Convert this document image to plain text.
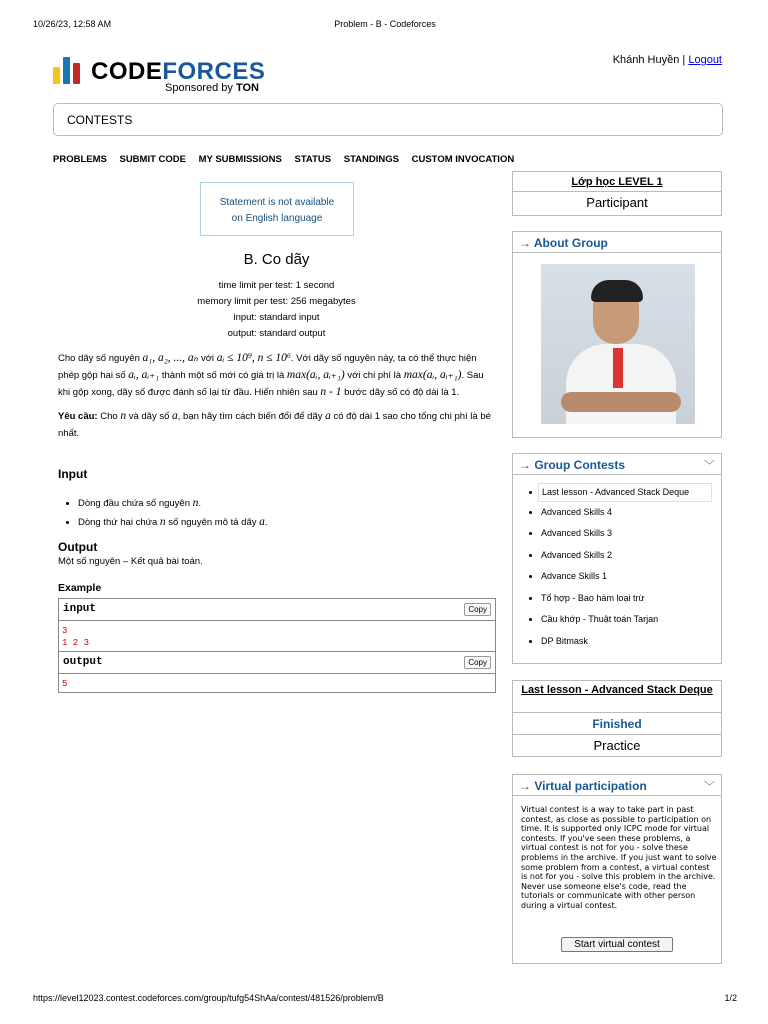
10/26/23, 12:58 AM	Problem - B - Codeforces
CODEFORCES
Sponsored by TON
Khánh Huyền | Logout
CONTESTS
PROBLEMS SUBMIT CODE MY SUBMISSIONS STATUS STANDINGS CUSTOM INVOCATION
Statement is not available
on English language
B. Co dãy
time limit per test: 1 second
memory limit per test: 256 megabytes
input: standard input
output: standard output

Cho dãy số nguyên a₁, a₂, ..., aₙ với aᵢ ≤ 10⁹, n ≤ 10⁶. Với dãy số nguyên này, ta có thể thực hiện phép gộp hai số aᵢ, aᵢ₊₁ thành một số mới có giá trị là max(aᵢ, aᵢ₊₁) với chi phí là max(aᵢ, aᵢ₊₁). Sau khi gộp xong, dãy số được đánh số lại từ đầu. Hiển nhiên sau n - 1 bước dãy số có độ dài là 1.

Yêu cầu: Cho n và dãy số a, bạn hãy tìm cách biến đổi để dãy a có độ dài 1 sao cho tổng chi phí là bé nhất.

Input
• Dòng đầu chứa số nguyên n.
• Dòng thứ hai chứa n số nguyên mô tả dãy a.
Output
Một số nguyên – Kết quả bài toán.
Example
input	Copy
3
1 2 3
output	Copy
5
Lớp học LEVEL 1
Participant
→ About Group
→ Group Contests	﹀
• Last lesson - Advanced Stack Deque
• Advanced Skills 4
• Advanced Skills 3
• Advanced Skills 2
• Advance Skills 1
• Tổ hợp - Bao hàm loại trừ
• Cầu khớp - Thuật toán Tarjan
• DP Bitmask
Last lesson - Advanced Stack Deque
Finished
Practice
→ Virtual participation	﹀
Virtual contest is a way to take part in past contest, as close as possible to participation on time. It is supported only ICPC mode for virtual contests. If you've seen these problems, a virtual contest is not for you - solve these problems in the archive. If you just want to solve some problem from a contest, a virtual contest is not for you - solve this problem in the archive. Never use someone else's code, read the tutorials or communicate with other person during a virtual contest.
Start virtual contest
https://level12023.contest.codeforces.com/group/tufg54ShAa/contest/481526/problem/B	1/2
